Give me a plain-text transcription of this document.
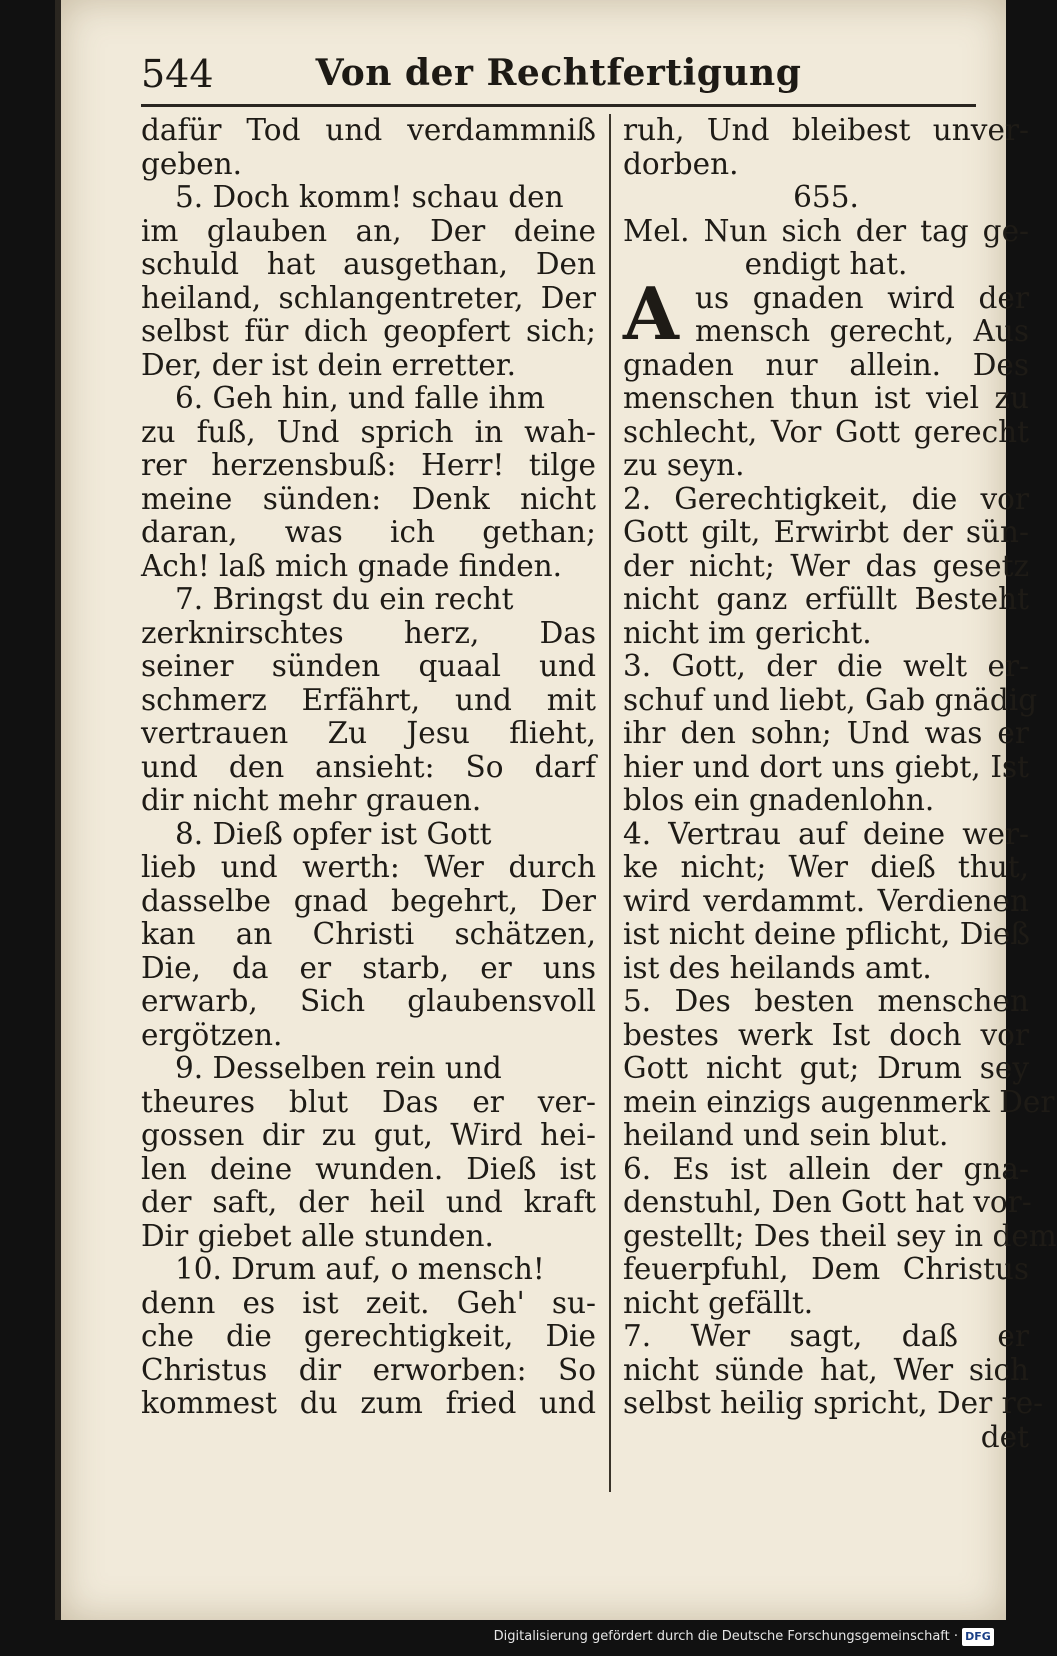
544	Von der Rechtfertigung
dafür Tod und verdammniß
geben.
5. Doch komm! schau den
im glauben an, Der deine
schuld hat ausgethan, Den
heiland, schlangentreter, Der
selbst für dich geopfert sich;
Der, der ist dein erretter.
6. Geh hin, und falle ihm
zu fuß, Und sprich in wah-
rer herzensbuß: Herr! tilge
meine sünden: Denk nicht
daran, was ich gethan;
Ach! laß mich gnade finden.
7. Bringst du ein recht
zerknirschtes herz, Das
seiner sünden quaal und
schmerz Erfährt, und mit
vertrauen Zu Jesu flieht,
und den ansieht: So darf
dir nicht mehr grauen.
8. Dieß opfer ist Gott
lieb und werth: Wer durch
dasselbe gnad begehrt, Der
kan an Christi schätzen,
Die, da er starb, er uns
erwarb, Sich glaubensvoll
ergötzen.
9. Desselben rein und
theures blut Das er ver-
gossen dir zu gut, Wird hei-
len deine wunden. Dieß ist
der saft, der heil und kraft
Dir giebet alle stunden.
10. Drum auf, o mensch!
denn es ist zeit. Geh' su-
che die gerechtigkeit, Die
Christus dir erworben: So
kommest du zum fried und
ruh, Und bleibest unver-
dorben.
655.
Mel. Nun sich der tag ge-
endigt hat.
us gnaden wird der
A mensch gerecht, Aus
gnaden nur allein. Des
menschen thun ist viel zu
schlecht, Vor Gott gerecht
zu seyn.
2. Gerechtigkeit, die vor
Gott gilt, Erwirbt der sün-
der nicht; Wer das gesetz
nicht ganz erfüllt Besteht
nicht im gericht.
3. Gott, der die welt er-
schuf und liebt, Gab gnädig
ihr den sohn; Und was er
hier und dort uns giebt, Ist
blos ein gnadenlohn.
4. Vertrau auf deine wer-
ke nicht; Wer dieß thut,
wird verdammt. Verdienen
ist nicht deine pflicht, Dieß
ist des heilands amt.
5. Des besten menschen
bestes werk Ist doch vor
Gott nicht gut; Drum sey
mein einzigs augenmerk Der
heiland und sein blut.
6. Es ist allein der gna-
denstuhl, Den Gott hat vor-
gestellt; Des theil sey in dem
feuerpfuhl, Dem Christus
nicht gefällt.
7. Wer sagt, daß er
nicht sünde hat, Wer sich
selbst heilig spricht, Der re-
det
Digitalisierung gefördert durch die Deutsche Forschungsgemeinschaft · DFG
